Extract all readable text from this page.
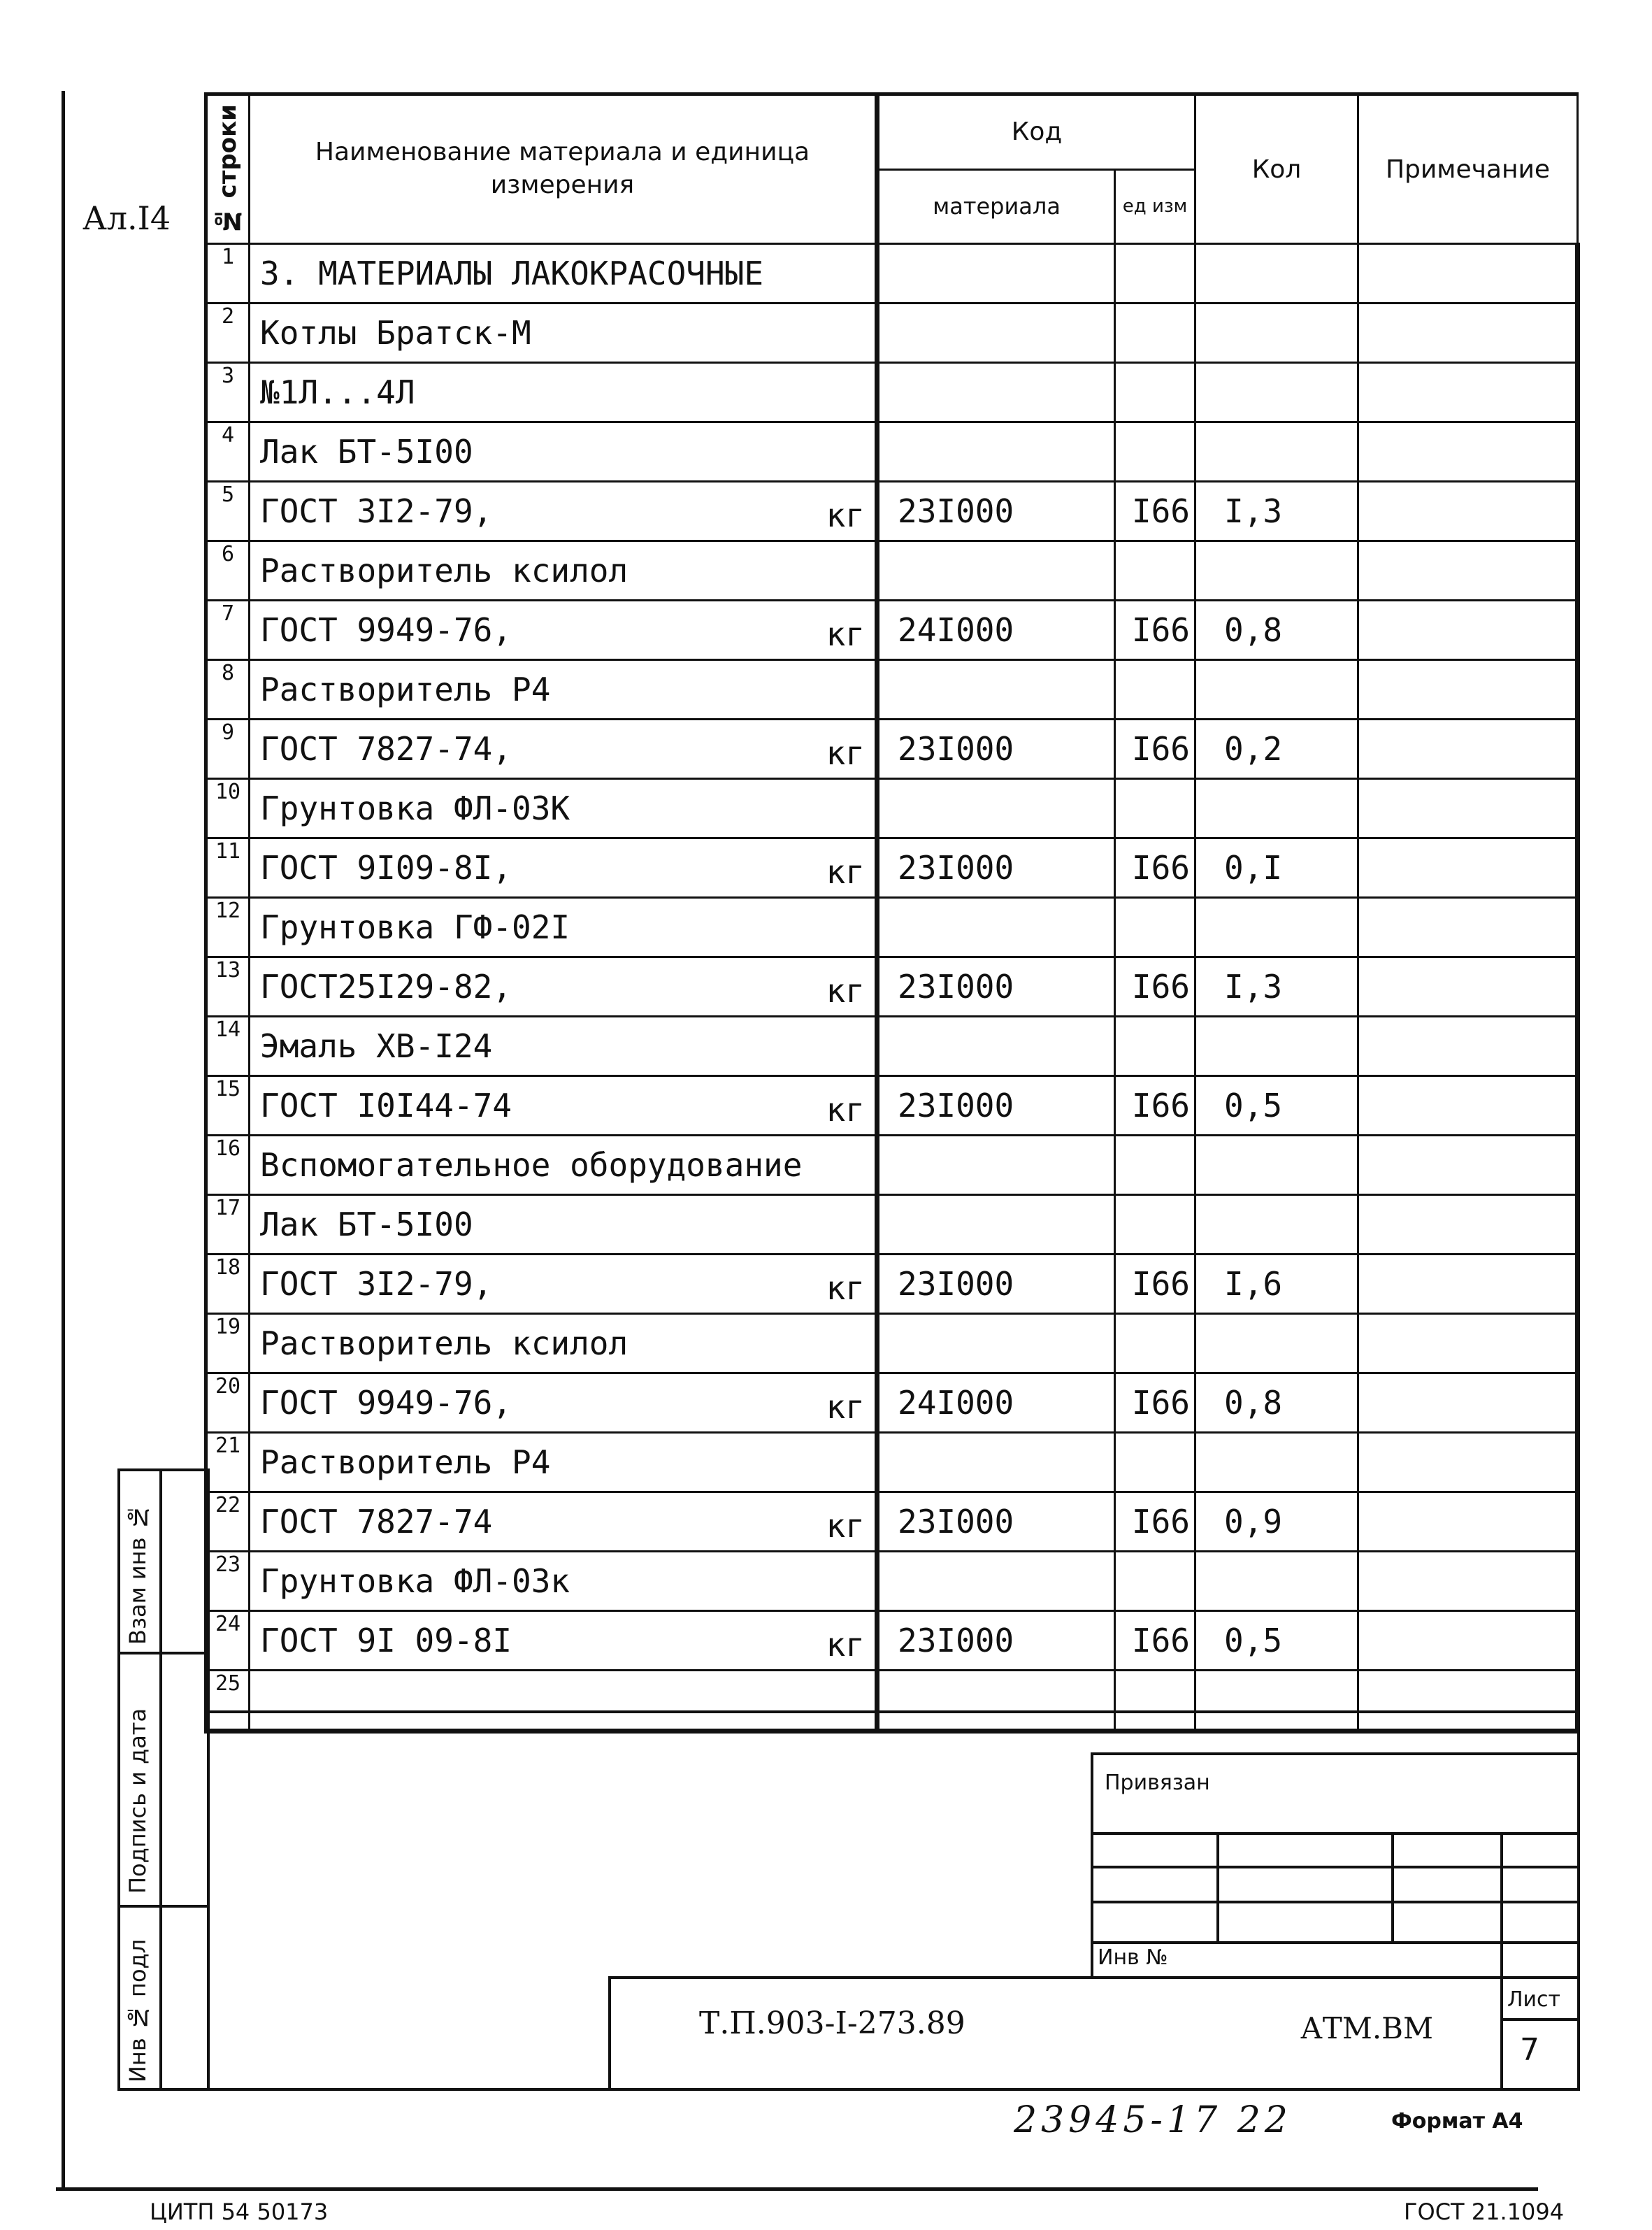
Ал.I4 № строки	Наименование материала и единица измерения	Код		Кол	Примечание
		материала	ед изм		
1	3. МАТЕРИАЛЫ ЛАКОКРАСОЧНЫЕ

2	Котлы Братск-М

3	№1Л...4Л

4	Лак БТ-5I00

5	ГОСТ 3I2-79, кг	23I000	I66	I,3	
6	Растворитель ксилол

7	ГОСТ 9949-76, кг	24I000	I66	0,8	
8	Растворитель Р4

9	ГОСТ 7827-74, кг	23I000	I66	0,2	
10	Грунтовка ФЛ-03К

11	ГОСТ 9I09-8I, кг	23I000	I66	0,I	
12	Грунтовка ГФ-02I

13	ГОСТ25I29-82, кг	23I000	I66	I,3	
14	Эмаль ХВ-I24

15	ГОСТ I0I44-74 кг	23I000	I66	0,5	
16	Вспомогательное оборудование

17	Лак БТ-5I00

18	ГОСТ 3I2-79, кг	23I000	I66	I,6	
19	Растворитель ксилол

20	ГОСТ 9949-76, кг	24I000	I66	0,8	
21	Растворитель Р4

22	ГОСТ 7827-74 кг	23I000	I66	0,9	
23	Грунтовка ФЛ-03к

24	ГОСТ 9I 09-8I кг	23I000	I66	0,5	
25	

Взам инв №
Подпись и дата
Инв № подл
Привязан
Инв №
Т.П.903-I-273.89	АТМ.ВМ
Лист
7
23945-17 22	Формат А4
ЦИТП 54 50173	ГОСТ 21.1094
